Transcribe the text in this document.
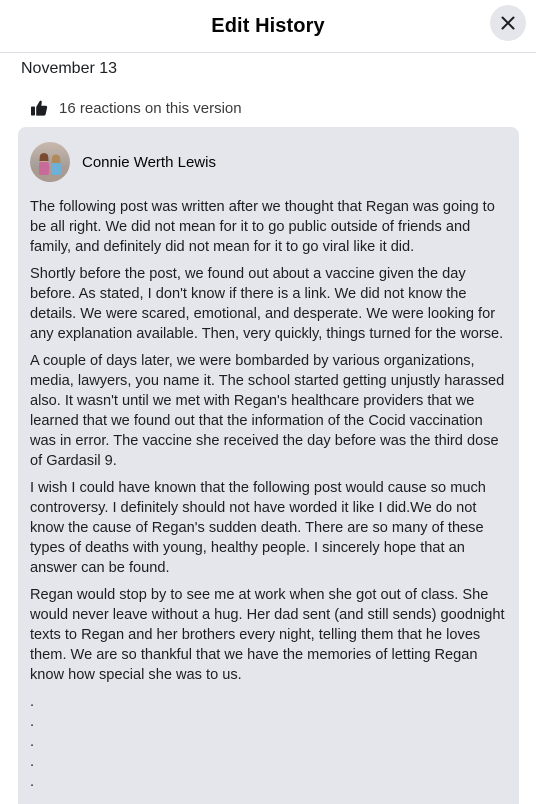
Edit History
November 13
16 reactions on this version
Connie Werth Lewis

The following post was written after we thought that Regan was going to be all right. We did not mean for it to go public outside of friends and family, and definitely did not mean for it to go viral like it did.

Shortly before the post, we found out about a vaccine given the day before. As stated, I don't know if there is a link. We did not know the details. We were scared, emotional, and desperate. We were looking for any explanation available. Then, very quickly, things turned for the worse.

A couple of days later, we were bombarded by various organizations, media, lawyers, you name it. The school started getting unjustly harassed also. It wasn't until we met with Regan's healthcare providers that we learned that we found out that the information of the Cocid vaccination was in error. The vaccine she received the day before was the third dose of Gardasil 9.

I wish I could have known that the following post would cause so much controversy. I definitely should not have worded it like I did.We do not know the cause of Regan's sudden death. There are so many of these types of deaths with young, healthy people. I sincerely hope that an answer can be found.

Regan would stop by to see me at work when she got out of class. She would never leave without a hug. Her dad sent (and still sends) goodnight texts to Regan and her brothers every night, telling them that he loves them. We are so thankful that we have the memories of letting Regan know how special she was to us.

.
.
.
.
.
